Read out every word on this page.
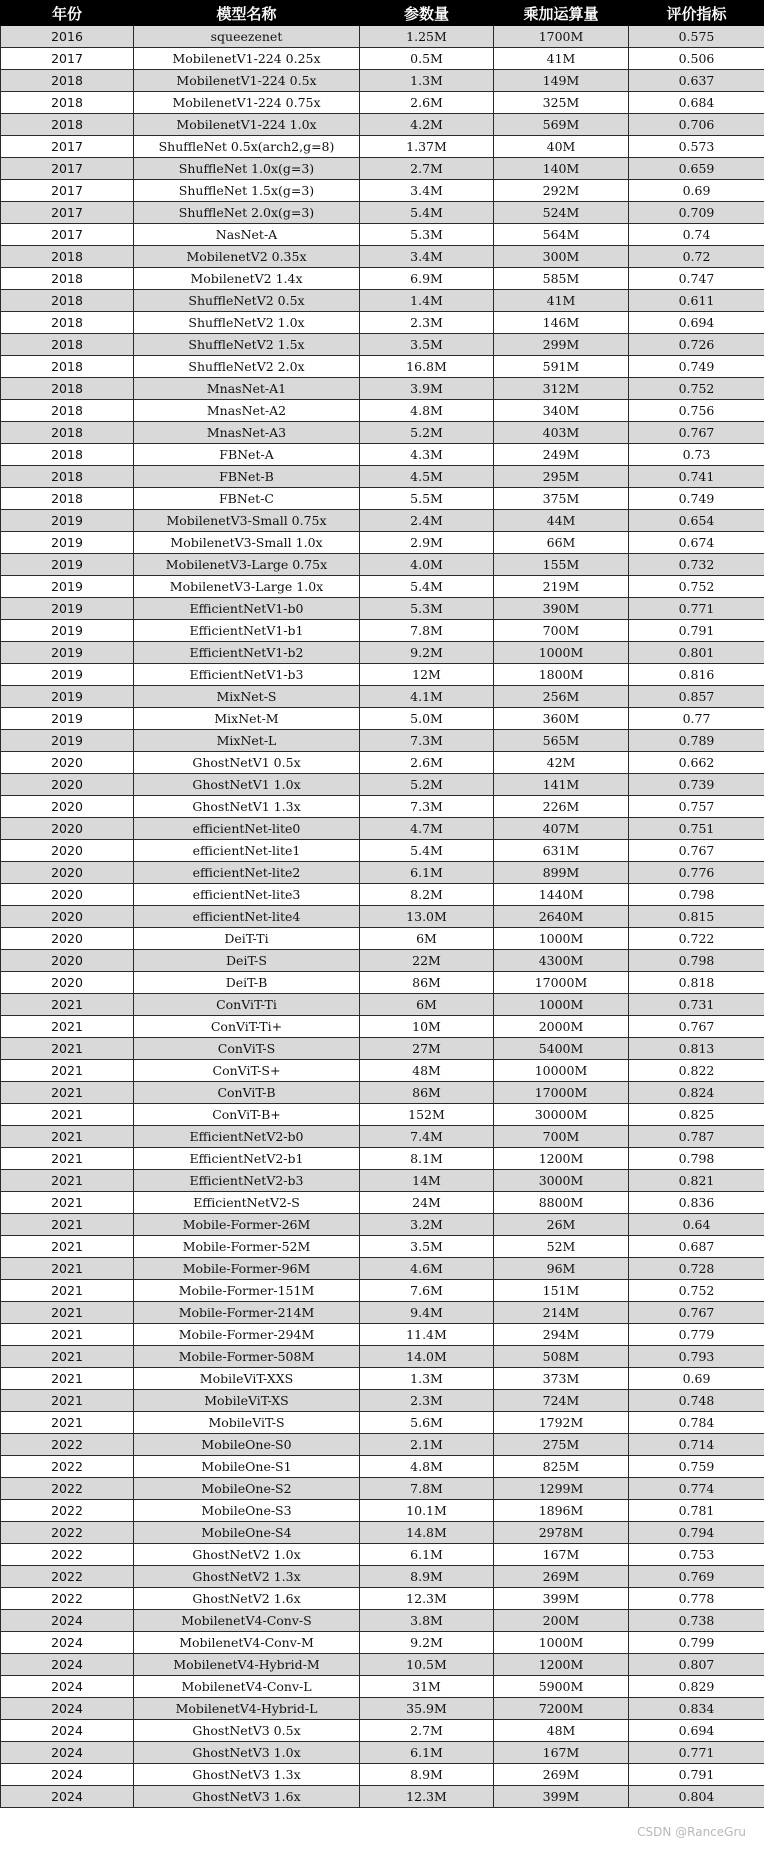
年份	模型名称	参数量	乘加运算量	评价指标
2016	squeezenet	1.25M	1700M	0.575
2017	MobilenetV1-224 0.25x	0.5M	41M	0.506
2018	MobilenetV1-224 0.5x	1.3M	149M	0.637
2018	MobilenetV1-224 0.75x	2.6M	325M	0.684
2018	MobilenetV1-224 1.0x	4.2M	569M	0.706
2017	ShuffleNet 0.5x(arch2,g=8)	1.37M	40M	0.573
2017	ShuffleNet 1.0x(g=3)	2.7M	140M	0.659
2017	ShuffleNet 1.5x(g=3)	3.4M	292M	0.69
2017	ShuffleNet 2.0x(g=3)	5.4M	524M	0.709
2017	NasNet-A	5.3M	564M	0.74
2018	MobilenetV2 0.35x	3.4M	300M	0.72
2018	MobilenetV2 1.4x	6.9M	585M	0.747
2018	ShuffleNetV2 0.5x	1.4M	41M	0.611
2018	ShuffleNetV2 1.0x	2.3M	146M	0.694
2018	ShuffleNetV2 1.5x	3.5M	299M	0.726
2018	ShuffleNetV2 2.0x	16.8M	591M	0.749
2018	MnasNet-A1	3.9M	312M	0.752
2018	MnasNet-A2	4.8M	340M	0.756
2018	MnasNet-A3	5.2M	403M	0.767
2018	FBNet-A	4.3M	249M	0.73
2018	FBNet-B	4.5M	295M	0.741
2018	FBNet-C	5.5M	375M	0.749
2019	MobilenetV3-Small 0.75x	2.4M	44M	0.654
2019	MobilenetV3-Small 1.0x	2.9M	66M	0.674
2019	MobilenetV3-Large 0.75x	4.0M	155M	0.732
2019	MobilenetV3-Large 1.0x	5.4M	219M	0.752
2019	EfficientNetV1-b0	5.3M	390M	0.771
2019	EfficientNetV1-b1	7.8M	700M	0.791
2019	EfficientNetV1-b2	9.2M	1000M	0.801
2019	EfficientNetV1-b3	12M	1800M	0.816
2019	MixNet-S	4.1M	256M	0.857
2019	MixNet-M	5.0M	360M	0.77
2019	MixNet-L	7.3M	565M	0.789
2020	GhostNetV1 0.5x	2.6M	42M	0.662
2020	GhostNetV1 1.0x	5.2M	141M	0.739
2020	GhostNetV1 1.3x	7.3M	226M	0.757
2020	efficientNet-lite0	4.7M	407M	0.751
2020	efficientNet-lite1	5.4M	631M	0.767
2020	efficientNet-lite2	6.1M	899M	0.776
2020	efficientNet-lite3	8.2M	1440M	0.798
2020	efficientNet-lite4	13.0M	2640M	0.815
2020	DeiT-Ti	6M	1000M	0.722
2020	DeiT-S	22M	4300M	0.798
2020	DeiT-B	86M	17000M	0.818
2021	ConViT-Ti	6M	1000M	0.731
2021	ConViT-Ti+	10M	2000M	0.767
2021	ConViT-S	27M	5400M	0.813
2021	ConViT-S+	48M	10000M	0.822
2021	ConViT-B	86M	17000M	0.824
2021	ConViT-B+	152M	30000M	0.825
2021	EfficientNetV2-b0	7.4M	700M	0.787
2021	EfficientNetV2-b1	8.1M	1200M	0.798
2021	EfficientNetV2-b3	14M	3000M	0.821
2021	EfficientNetV2-S	24M	8800M	0.836
2021	Mobile-Former-26M	3.2M	26M	0.64
2021	Mobile-Former-52M	3.5M	52M	0.687
2021	Mobile-Former-96M	4.6M	96M	0.728
2021	Mobile-Former-151M	7.6M	151M	0.752
2021	Mobile-Former-214M	9.4M	214M	0.767
2021	Mobile-Former-294M	11.4M	294M	0.779
2021	Mobile-Former-508M	14.0M	508M	0.793
2021	MobileViT-XXS	1.3M	373M	0.69
2021	MobileViT-XS	2.3M	724M	0.748
2021	MobileViT-S	5.6M	1792M	0.784
2022	MobileOne-S0	2.1M	275M	0.714
2022	MobileOne-S1	4.8M	825M	0.759
2022	MobileOne-S2	7.8M	1299M	0.774
2022	MobileOne-S3	10.1M	1896M	0.781
2022	MobileOne-S4	14.8M	2978M	0.794
2022	GhostNetV2 1.0x	6.1M	167M	0.753
2022	GhostNetV2 1.3x	8.9M	269M	0.769
2022	GhostNetV2 1.6x	12.3M	399M	0.778
2024	MobilenetV4-Conv-S	3.8M	200M	0.738
2024	MobilenetV4-Conv-M	9.2M	1000M	0.799
2024	MobilenetV4-Hybrid-M	10.5M	1200M	0.807
2024	MobilenetV4-Conv-L	31M	5900M	0.829
2024	MobilenetV4-Hybrid-L	35.9M	7200M	0.834
2024	GhostNetV3 0.5x	2.7M	48M	0.694
2024	GhostNetV3 1.0x	6.1M	167M	0.771
2024	GhostNetV3 1.3x	8.9M	269M	0.791
2024	GhostNetV3 1.6x	12.3M	399M	0.804
CSDN @RanceGru
